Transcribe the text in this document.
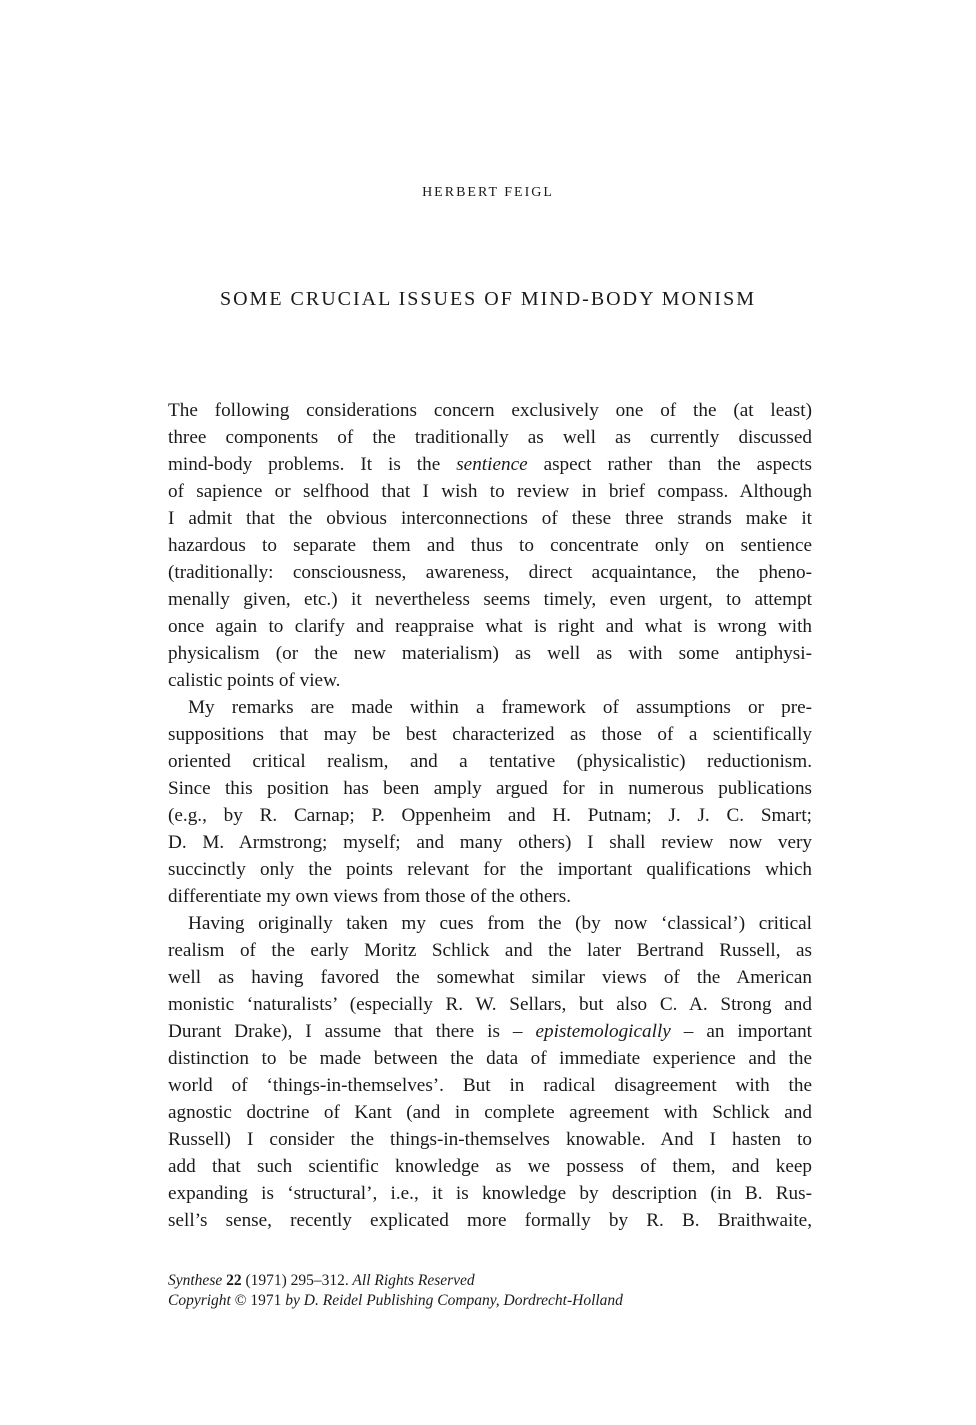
HERBERT FEIGL
SOME CRUCIAL ISSUES OF MIND-BODY MONISM

The following considerations concern exclusively one of the (at least)
three components of the traditionally as well as currently discussed
mind-body problems. It is the sentience aspect rather than the aspects
of sapience or selfhood that I wish to review in brief compass. Although
I admit that the obvious interconnections of these three strands make it
hazardous to separate them and thus to concentrate only on sentience
(traditionally: consciousness, awareness, direct acquaintance, the pheno-
menally given, etc.) it nevertheless seems timely, even urgent, to attempt
once again to clarify and reappraise what is right and what is wrong with
physicalism (or the new materialism) as well as with some antiphysi-
calistic points of view.

My remarks are made within a framework of assumptions or pre-
suppositions that may be best characterized as those of a scientifically
oriented critical realism, and a tentative (physicalistic) reductionism.
Since this position has been amply argued for in numerous publications
(e.g., by R. Carnap; P. Oppenheim and H. Putnam; J. J. C. Smart;
D. M. Armstrong; myself; and many others) I shall review now very
succinctly only the points relevant for the important qualifications which
differentiate my own views from those of the others.

Having originally taken my cues from the (by now ‘classical’) critical
realism of the early Moritz Schlick and the later Bertrand Russell, as
well as having favored the somewhat similar views of the American
monistic ‘naturalists’ (especially R. W. Sellars, but also C. A. Strong and
Durant Drake), I assume that there is – epistemologically – an important
distinction to be made between the data of immediate experience and the
world of ‘things-in-themselves’. But in radical disagreement with the
agnostic doctrine of Kant (and in complete agreement with Schlick and
Russell) I consider the things-in-themselves knowable. And I hasten to
add that such scientific knowledge as we possess of them, and keep
expanding is ‘structural’, i.e., it is knowledge by description (in B. Rus-
sell’s sense, recently explicated more formally by R. B. Braithwaite,

Synthese 22 (1971) 295–312. All Rights Reserved
Copyright © 1971 by D. Reidel Publishing Company, Dordrecht-Holland
